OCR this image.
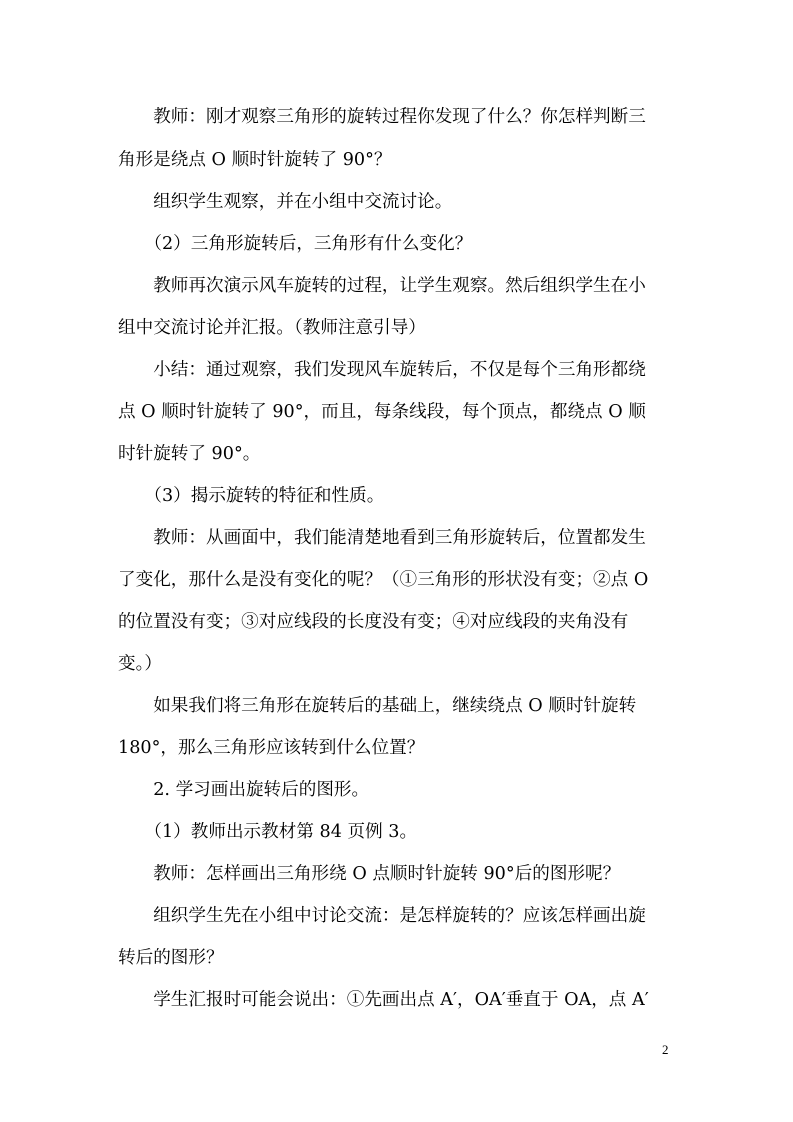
　　教师：刚才观察三角形的旋转过程你发现了什么？你怎样判断三
角形是绕点 O 顺时针旋转了 90°？
　　组织学生观察，并在小组中交流讨论。
　　（2）三角形旋转后，三角形有什么变化？
　　教师再次演示风车旋转的过程，让学生观察。然后组织学生在小
组中交流讨论并汇报。（教师注意引导）
　　小结：通过观察，我们发现风车旋转后，不仅是每个三角形都绕
点 O 顺时针旋转了 90°，而且，每条线段，每个顶点，都绕点 O 顺
时针旋转了 90°。
　　（3）揭示旋转的特征和性质。
　　教师：从画面中，我们能清楚地看到三角形旋转后，位置都发生
了变化，那什么是没有变化的呢？（①三角形的形状没有变；②点 O
的位置没有变；③对应线段的长度没有变；④对应线段的夹角没有
变。）
　　如果我们将三角形在旋转后的基础上，继续绕点 O 顺时针旋转
180°，那么三角形应该转到什么位置？
　　2. 学习画出旋转后的图形。
　　（1）教师出示教材第 84 页例 3。
　　教师：怎样画出三角形绕 O 点顺时针旋转 90°后的图形呢？
　　组织学生先在小组中讨论交流：是怎样旋转的？应该怎样画出旋
转后的图形？
　　学生汇报时可能会说出：①先画出点 A′，OA′垂直于 OA，点 A′
2
